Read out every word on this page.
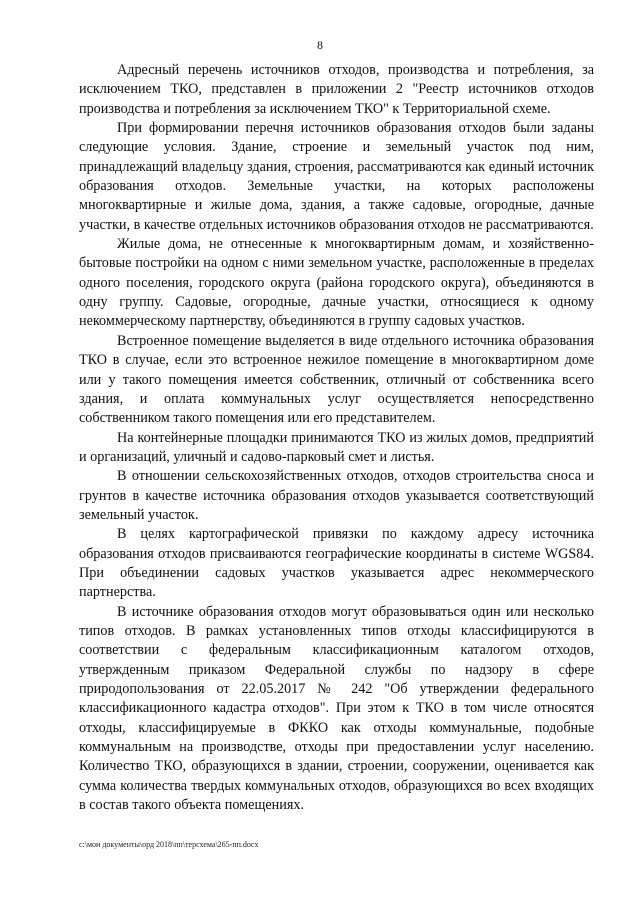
8

Адресный перечень источников отходов, производства и потребления, за исключением ТКО, представлен в приложении 2 "Реестр источников отходов производства и потребления за исключением ТКО" к Территориальной схеме.

При формировании перечня источников образования отходов были заданы следующие условия. Здание, строение и земельный участок под ним, принадлежащий владельцу здания, строения, рассматриваются как единый источник образования отходов. Земельные участки, на которых расположены многоквартирные и жилые дома, здания, а также садовые, огородные, дачные участки, в качестве отдельных источников образования отходов не рассматриваются.

Жилые дома, не отнесенные к многоквартирным домам, и хозяйственно-бытовые постройки на одном с ними земельном участке, расположенные в пределах одного поселения, городского округа (района городского округа), объединяются в одну группу. Садовые, огородные, дачные участки, относящиеся к одному некоммерческому партнерству, объединяются в группу садовых участков.

Встроенное помещение выделяется в виде отдельного источника образования ТКО в случае, если это встроенное нежилое помещение в многоквартирном доме или у такого помещения имеется собственник, отличный от собственника всего здания, и оплата коммунальных услуг осуществляется непосредственно собственником такого помещения или его представителем.

На контейнерные площадки принимаются ТКО из жилых домов, предприятий и организаций, уличный и садово-парковый смет и листья.

В отношении сельскохозяйственных отходов, отходов строительства сноса и грунтов в качестве источника образования отходов указывается соответствующий земельный участок.

В целях картографической привязки по каждому адресу источника образования отходов присваиваются географические координаты в системе WGS84. При объединении садовых участков указывается адрес некоммерческого партнерства.

В источнике образования отходов могут образовываться один или несколько типов отходов. В рамках установленных типов отходы классифицируются в соответствии с федеральным классификационным каталогом отходов, утвержденным приказом Федеральной службы по надзору в сфере природопользования от 22.05.2017 № 242 "Об утверждении федерального классификационного кадастра отходов". При этом к ТКО в том числе относятся отходы, классифицируемые в ФККО как отходы коммунальные, подобные коммунальным на производстве, отходы при предоставлении услуг населению. Количество ТКО, образующихся в здании, строении, сооружении, оценивается как сумма количества твердых коммунальных отходов, образующихся во всех входящих в состав такого объекта помещениях.

c:\мои документы\орд 2018\пп\терсхема\265-пп.docx
